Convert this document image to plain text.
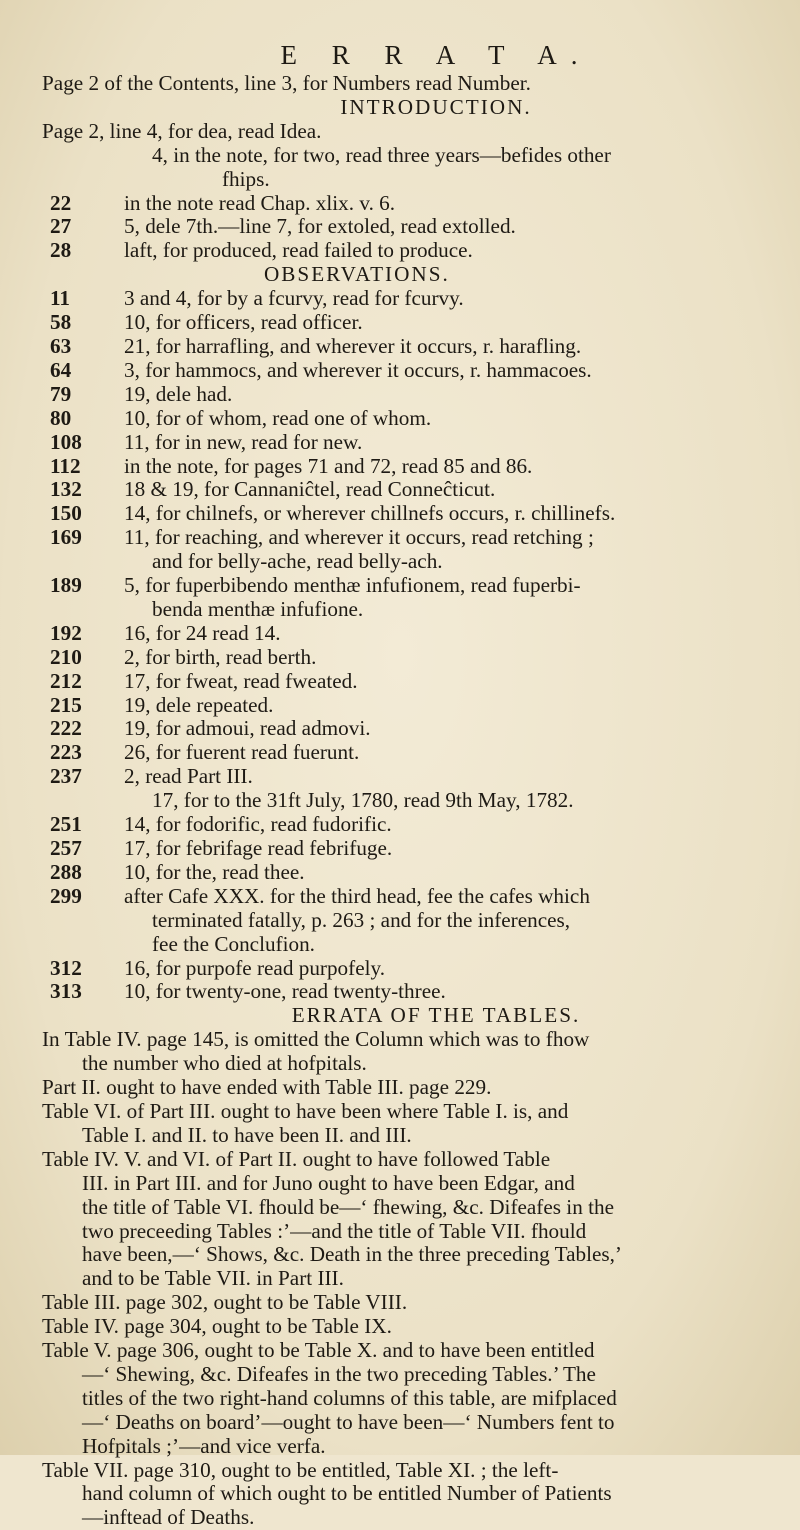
E R R A T A.
Page 2 of the Contents, line 3, for Numbers read Number.
INTRODUCTION.
Page 2, line 4, for dea, read Idea.
4, in the note, for two, read three years—befides other
fhips.
22	in the note read Chap. xlix. v. 6.
27	5, dele 7th.—line 7, for extoled, read extolled.
28	laft, for produced, read failed to produce.
OBSERVATIONS.
11	3 and 4, for by a fcurvy, read for fcurvy.
58	10, for officers, read officer.
63	21, for harrafling, and wherever it occurs, r. harafling.
64	3, for hammocs, and wherever it occurs, r. hammacoes.
79	19, dele had.
80	10, for of whom, read one of whom.
108	11, for in new, read for new.
112	in the note, for pages 71 and 72, read 85 and 86.
132	18 & 19, for Cannaniĉtel, read Conneĉticut.
150	14, for chilnefs, or wherever chillnefs occurs, r. chillinefs.
169	11, for reaching, and wherever it occurs, read retching ;
and for belly-ache, read belly-ach.
189	5, for fuperbibendo menthæ infufionem, read fuperbi-
benda menthæ infufione.
192	16, for 24 read 14.
210	2, for birth, read berth.
212	17, for fweat, read fweated.
215	19, dele repeated.
222	19, for admoui, read admovi.
223	26, for fuerent read fuerunt.
237	2, read Part III.
17, for to the 31ft July, 1780, read 9th May, 1782.
251	14, for fodorific, read fudorific.
257	17, for febrifage read febrifuge.
288	10, for the, read thee.
299	after Cafe XXX. for the third head, fee the cafes which
terminated fatally, p. 263 ; and for the inferences,
fee the Conclufion.
312	16, for purpofe read purpofely.
313	10, for twenty-one, read twenty-three.
ERRATA OF THE TABLES.
In Table IV. page 145, is omitted the Column which was to fhow
the number who died at hofpitals.
Part II. ought to have ended with Table III. page 229.
Table VI. of Part III. ought to have been where Table I. is, and
Table I. and II. to have been II. and III.
Table IV. V. and VI. of Part II. ought to have followed Table
III. in Part III. and for Juno ought to have been Edgar, and
the title of Table VI. fhould be—‘ fhewing, &c. Difeafes in the
two preceeding Tables :’—and the title of Table VII. fhould
have been,—‘ Shows, &c. Death in the three preceding Tables,’
and to be Table VII. in Part III.
Table III. page 302, ought to be Table VIII.
Table IV. page 304, ought to be Table IX.
Table V. page 306, ought to be Table X. and to have been entitled
—‘ Shewing, &c. Difeafes in the two preceding Tables.’ The
titles of the two right-hand columns of this table, are mifplaced
—‘ Deaths on board’—ought to have been—‘ Numbers fent to
Hofpitals ;’—and vice verfa.
Table VII. page 310, ought to be entitled, Table XI. ; the left-
hand column of which ought to be entitled Number of Patients
—inftead of Deaths.
